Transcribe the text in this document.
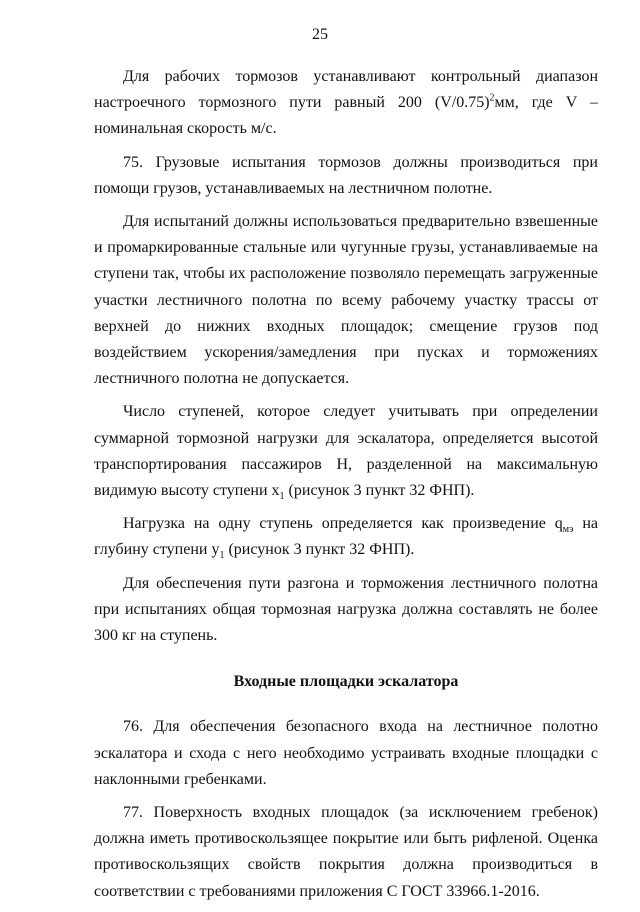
25

Для рабочих тормозов устанавливают контрольный диапазон настроечного тормозного пути равный 200 $(V/0.75)^2мм$, где V – номинальная скорость м/с.

75. Грузовые испытания тормозов должны производиться при помощи грузов, устанавливаемых на лестничном полотне.

Для испытаний должны использоваться предварительно взвешенные и промаркированные стальные или чугунные грузы, устанавливаемые на ступени так, чтобы их расположение позволяло перемещать загруженные участки лестничного полотна по всему рабочему участку трассы от верхней до нижних входных площадок; смещение грузов под воздействием ускорения/замедления при пусках и торможениях лестничного полотна не допускается.

Число ступеней, которое следует учитывать при определении суммарной тормозной нагрузки для эскалатора, определяется высотой транспортирования пассажиров H, разделенной на максимальную видимую высоту ступени $x_1$ (рисунок 3 пункт 32 ФНП).

Нагрузка на одну ступень определяется как произведение $q_{мэ}$ на глубину ступени $y_1$ (рисунок 3 пункт 32 ФНП).

Для обеспечения пути разгона и торможения лестничного полотна при испытаниях общая тормозная нагрузка должна составлять не более 300 кг на ступень.

Входные площадки эскалатора

76. Для обеспечения безопасного входа на лестничное полотно эскалатора и схода с него необходимо устраивать входные площадки с наклонными гребенками.

77. Поверхность входных площадок (за исключением гребенок) должна иметь противоскользящее покрытие или быть рифленой. Оценка противоскользящих свойств покрытия должна производиться в соответствии с требованиями приложения С ГОСТ 33966.1-2016.
